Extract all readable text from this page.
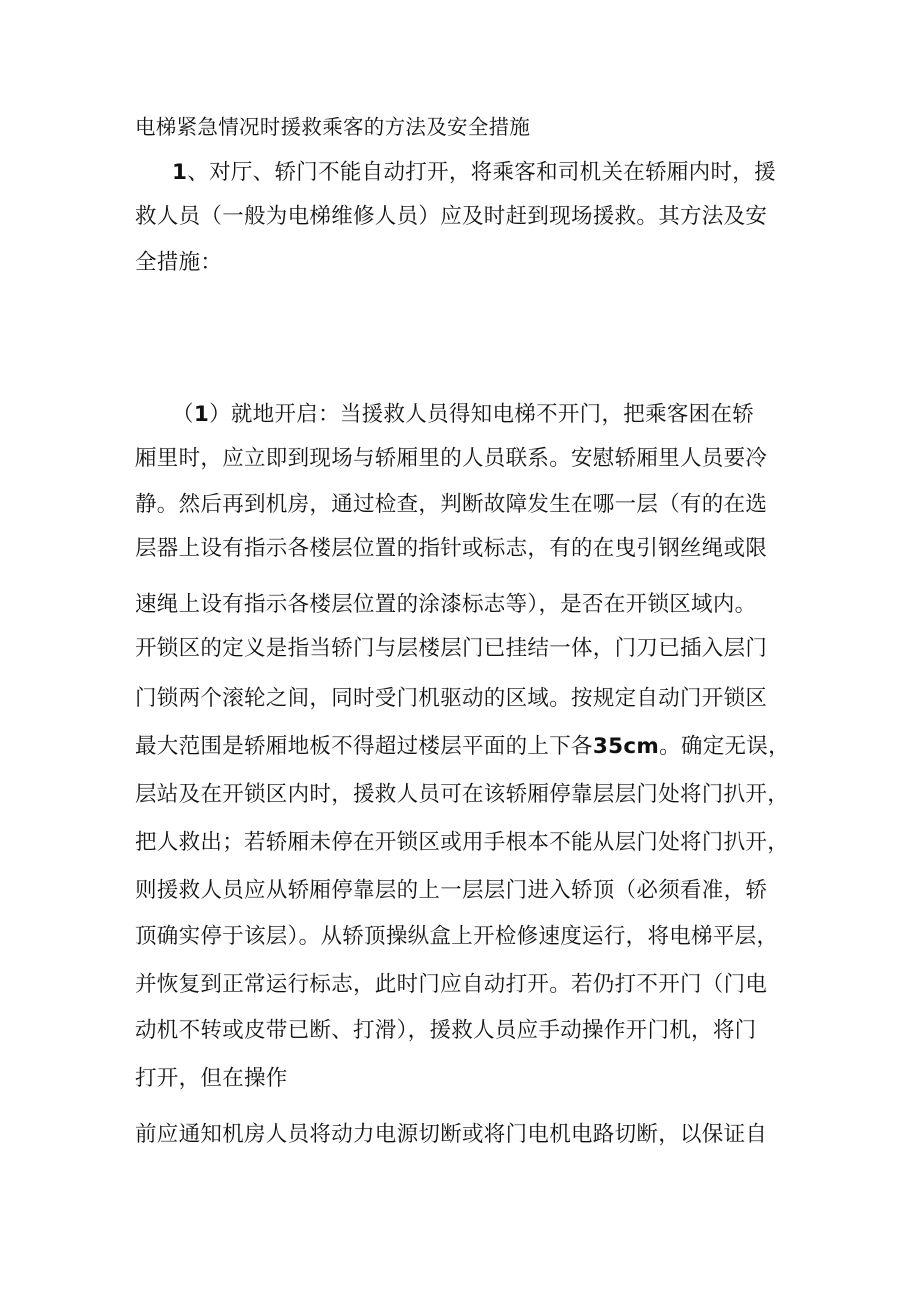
电梯紧急情况时援救乘客的方法及安全措施
1、对厅、轿门不能自动打开，将乘客和司机关在轿厢内时，援
救人员（一般为电梯维修人员）应及时赶到现场援救。其方法及安
全措施：
（1）就地开启：当援救人员得知电梯不开门，把乘客困在轿
厢里时，应立即到现场与轿厢里的人员联系。安慰轿厢里人员要冷
静。然后再到机房，通过检查，判断故障发生在哪一层（有的在选
层器上设有指示各楼层位置的指针或标志，有的在曳引钢丝绳或限
速绳上设有指示各楼层位置的涂漆标志等），是否在开锁区域内。
开锁区的定义是指当轿门与层楼层门已挂结一体，门刀已插入层门
门锁两个滚轮之间，同时受门机驱动的区域。按规定自动门开锁区
最大范围是轿厢地板不得超过楼层平面的上下各35cm。确定无误，
层站及在开锁区内时，援救人员可在该轿厢停靠层层门处将门扒开，
把人救出；若轿厢未停在开锁区或用手根本不能从层门处将门扒开，
则援救人员应从轿厢停靠层的上一层层门进入轿顶（必须看准，轿
顶确实停于该层）。从轿顶操纵盒上开检修速度运行，将电梯平层，
并恢复到正常运行标志，此时门应自动打开。若仍打不开门（门电
动机不转或皮带已断、打滑），援救人员应手动操作开门机，将门
打开，但在操作
前应通知机房人员将动力电源切断或将门电机电路切断，以保证自
